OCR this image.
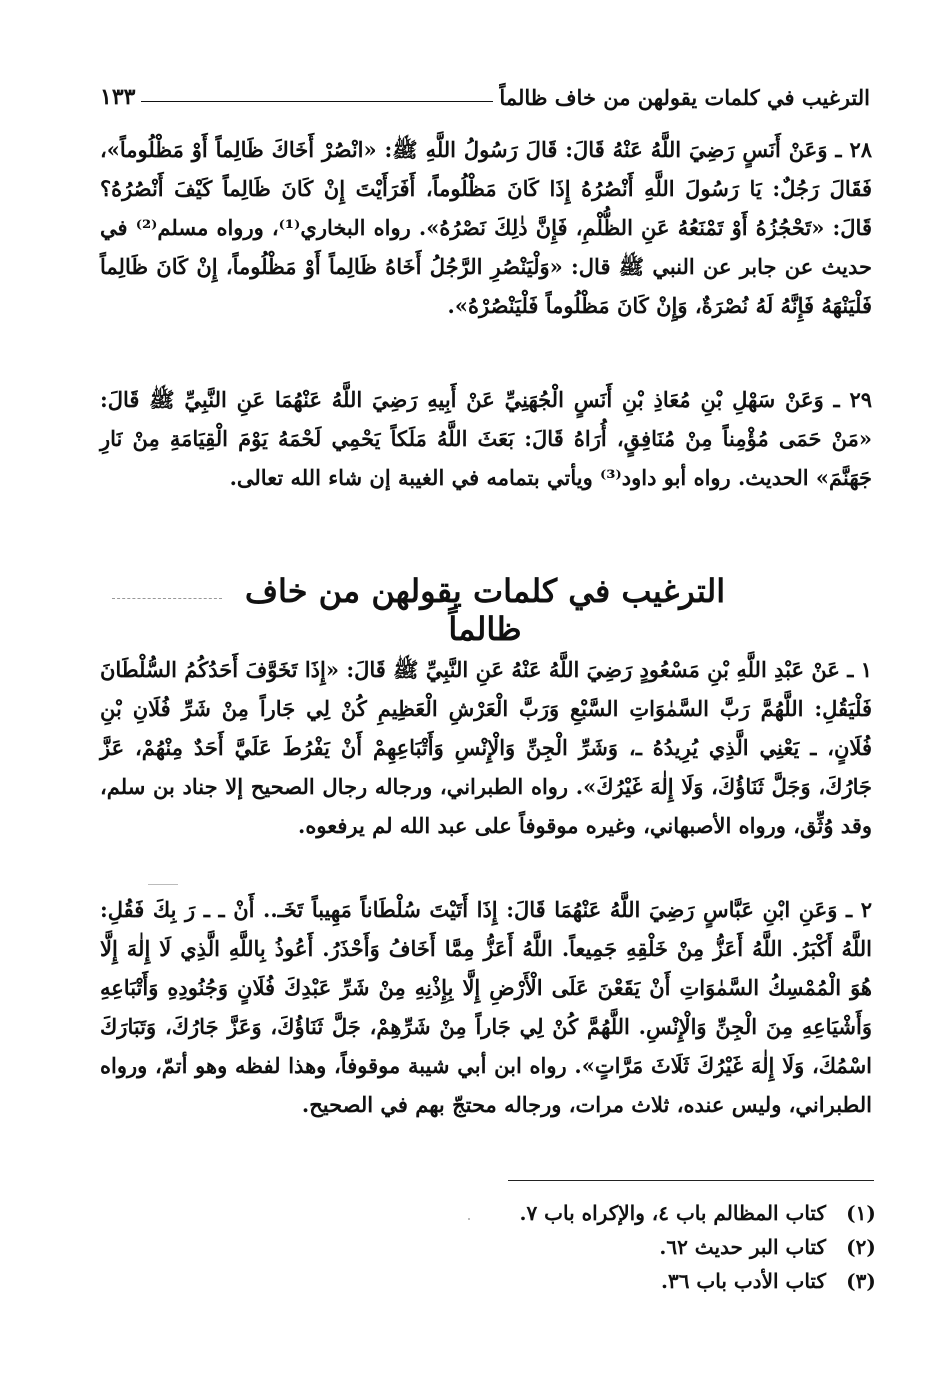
الترغيب في كلمات يقولهن من خاف ظالماً
١٣٣

٢٨ ـ وَعَنْ أَنَسٍ رَضِيَ اللَّهُ عَنْهُ قَالَ: قَالَ رَسُولُ اللَّهِ ﷺ: «انْصُرْ أَخَاكَ ظَالِماً أَوْ مَظْلُوماً»، فَقَالَ رَجُلٌ: يَا رَسُولَ اللَّهِ أَنْصُرُهُ إِذَا كَانَ مَظْلُوماً، أَفَرَأَيْتَ إِنْ كَانَ ظَالِماً كَيْفَ أَنْصُرُهُ؟ قَالَ: «تَحْجُزُهُ أَوْ تَمْنَعُهُ عَنِ الظُّلْمِ، فَإِنَّ ذٰلِكَ نَصْرُهُ». رواه البخاري⁽¹⁾، ورواه مسلم⁽²⁾ في حديث عن جابر عن النبي ﷺ قال: «وَلْيَنْصُرِ الرَّجُلُ أَخَاهُ ظَالِماً أَوْ مَظْلُوماً، إِنْ كَانَ ظَالِماً فَلْيَنْهَهُ فَإِنَّهُ لَهُ نُصْرَةٌ، وَإِنْ كَانَ مَظْلُوماً فَلْيَنْصُرْهُ».

٢٩ ـ وَعَنْ سَهْلِ بْنِ مُعَاذِ بْنِ أَنَسٍ الْجُهَنِيِّ عَنْ أَبِيهِ رَضِيَ اللَّهُ عَنْهُمَا عَنِ النَّبِيِّ ﷺ قَالَ: «مَنْ حَمَى مُؤْمِناً مِنْ مُنَافِقٍ، أُرَاهُ قَالَ: بَعَثَ اللَّهُ مَلَكاً يَحْمِي لَحْمَهُ يَوْمَ الْقِيَامَةِ مِنْ نَارِ جَهَنَّمَ» الحديث. رواه أبو داود⁽³⁾ ويأتي بتمامه في الغيبة إن شاء الله تعالى.

الترغيب في كلمات يقولهن من خاف ظالماً

١ ـ عَنْ عَبْدِ اللَّهِ بْنِ مَسْعُودٍ رَضِيَ اللَّهُ عَنْهُ عَنِ النَّبِيِّ ﷺ قَالَ: «إِذَا تَخَوَّفَ أَحَدُكُمُ السُّلْطَانَ فَلْيَقُلِ: اللَّهُمَّ رَبَّ السَّمٰوَاتِ السَّبْعِ وَرَبَّ الْعَرْشِ الْعَظِيمِ كُنْ لِي جَاراً مِنْ شَرِّ فُلَانِ بْنِ فُلَانٍ، ـ يَعْنِي الَّذِي يُرِيدُهُ ـ، وَشَرِّ الْجِنِّ وَالْإِنْسِ وَأَتْبَاعِهِمْ أَنْ يَفْرُطَ عَلَيَّ أَحَدٌ مِنْهُمْ، عَزَّ جَارُكَ، وَجَلَّ ثَنَاؤُكَ، وَلَا إِلٰهَ غَيْرُكَ». رواه الطبراني، ورجاله رجال الصحيح إلا جناد بن سلم، وقد وُثِّق، ورواه الأصبهاني، وغيره موقوفاً على عبد الله لم يرفعوه.

٢ ـ وَعَنِ ابْنِ عَبَّاسٍ رَضِيَ اللَّهُ عَنْهُمَا قَالَ: إِذَا أَتَيْتَ سُلْطَاناً مَهِيباً تَخَـ.. أَنْ ـ ـ رَ بِكَ فَقُلِ: اللَّهُ أَكْبَرُ. اللَّهُ أَعَزُّ مِنْ خَلْقِهِ جَمِيعاً. اللَّهُ أَعَزُّ مِمَّا أَخَافُ وَأَحْذَرُ. أَعُوذُ بِاللَّهِ الَّذِي لَا إِلٰهَ إِلَّا هُوَ الْمُمْسِكُ السَّمٰوَاتِ أَنْ يَقَعْنَ عَلَى الْأَرْضِ إِلَّا بِإِذْنِهِ مِنْ شَرِّ عَبْدِكَ فُلَانٍ وَجُنُودِهِ وَأَتْبَاعِهِ وَأَشْيَاعِهِ مِنَ الْجِنِّ وَالْإِنْسِ. اللَّهُمَّ كُنْ لِي جَاراً مِنْ شَرِّهِمْ، جَلَّ ثَنَاؤُكَ، وَعَزَّ جَارُكَ، وَتَبَارَكَ اسْمُكَ، وَلَا إِلٰهَ غَيْرُكَ ثَلَاثَ مَرَّاتٍ». رواه ابن أبي شيبة موقوفاً، وهذا لفظه وهو أتمّ، ورواه الطبراني، وليس عنده، ثلاث مرات، ورجاله محتجّ بهم في الصحيح.

(١)
كتاب المظالم باب ٤، والإكراه باب ٧.
(٢)
كتاب البر حديث ٦٢.
(٣)
كتاب الأدب باب ٣٦.
